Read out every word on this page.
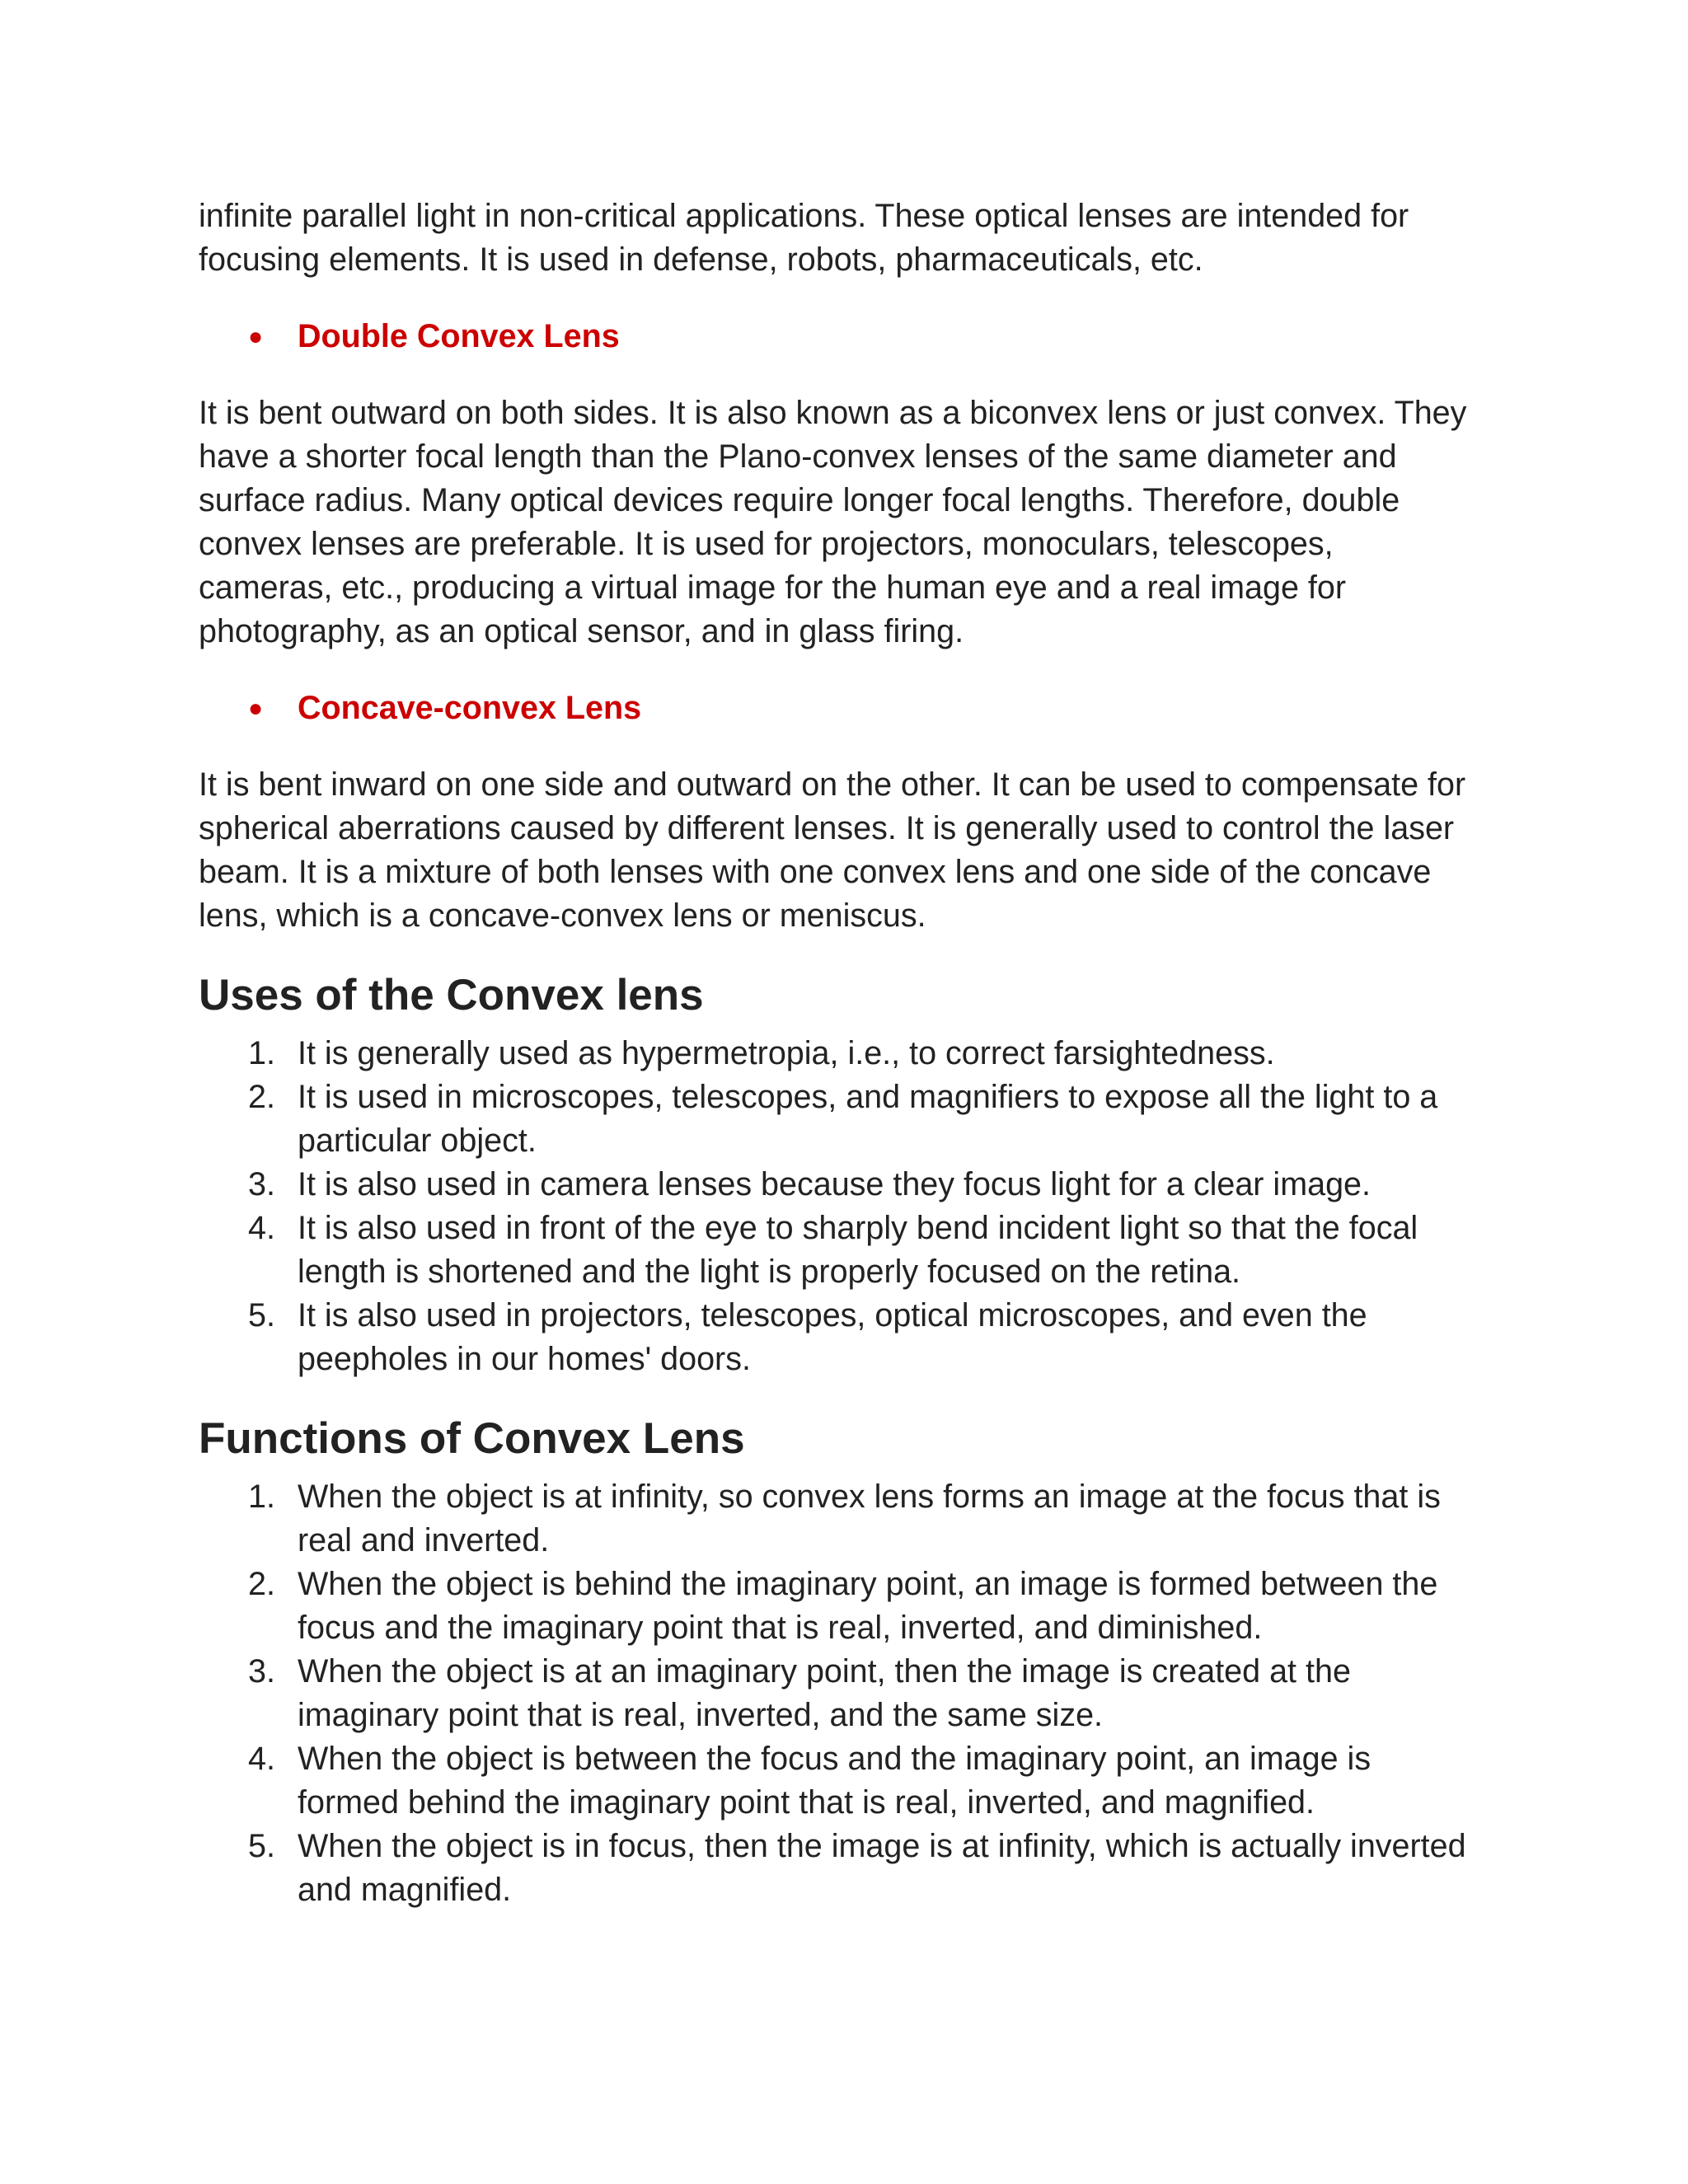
infinite parallel light in non-critical applications. These optical lenses are intended for
focusing elements. It is used in defense, robots, pharmaceuticals, etc.

● Double Convex Lens

It is bent outward on both sides. It is also known as a biconvex lens or just convex. They
have a shorter focal length than the Plano-convex lenses of the same diameter and
surface radius. Many optical devices require longer focal lengths. Therefore, double
convex lenses are preferable. It is used for projectors, monoculars, telescopes,
cameras, etc., producing a virtual image for the human eye and a real image for
photography, as an optical sensor, and in glass firing.

● Concave-convex Lens

It is bent inward on one side and outward on the other. It can be used to compensate for
spherical aberrations caused by different lenses. It is generally used to control the laser
beam. It is a mixture of both lenses with one convex lens and one side of the concave
lens, which is a concave-convex lens or meniscus.

Uses of the Convex lens
1. It is generally used as hypermetropia, i.e., to correct farsightedness.
2. It is used in microscopes, telescopes, and magnifiers to expose all the light to a
particular object.
3. It is also used in camera lenses because they focus light for a clear image.
4. It is also used in front of the eye to sharply bend incident light so that the focal
length is shortened and the light is properly focused on the retina.
5. It is also used in projectors, telescopes, optical microscopes, and even the
peepholes in our homes' doors.
Functions of Convex Lens
1. When the object is at infinity, so convex lens forms an image at the focus that is
real and inverted.
2. When the object is behind the imaginary point, an image is formed between the
focus and the imaginary point that is real, inverted, and diminished.
3. When the object is at an imaginary point, then the image is created at the
imaginary point that is real, inverted, and the same size.
4. When the object is between the focus and the imaginary point, an image is
formed behind the imaginary point that is real, inverted, and magnified.
5. When the object is in focus, then the image is at infinity, which is actually inverted
and magnified.
